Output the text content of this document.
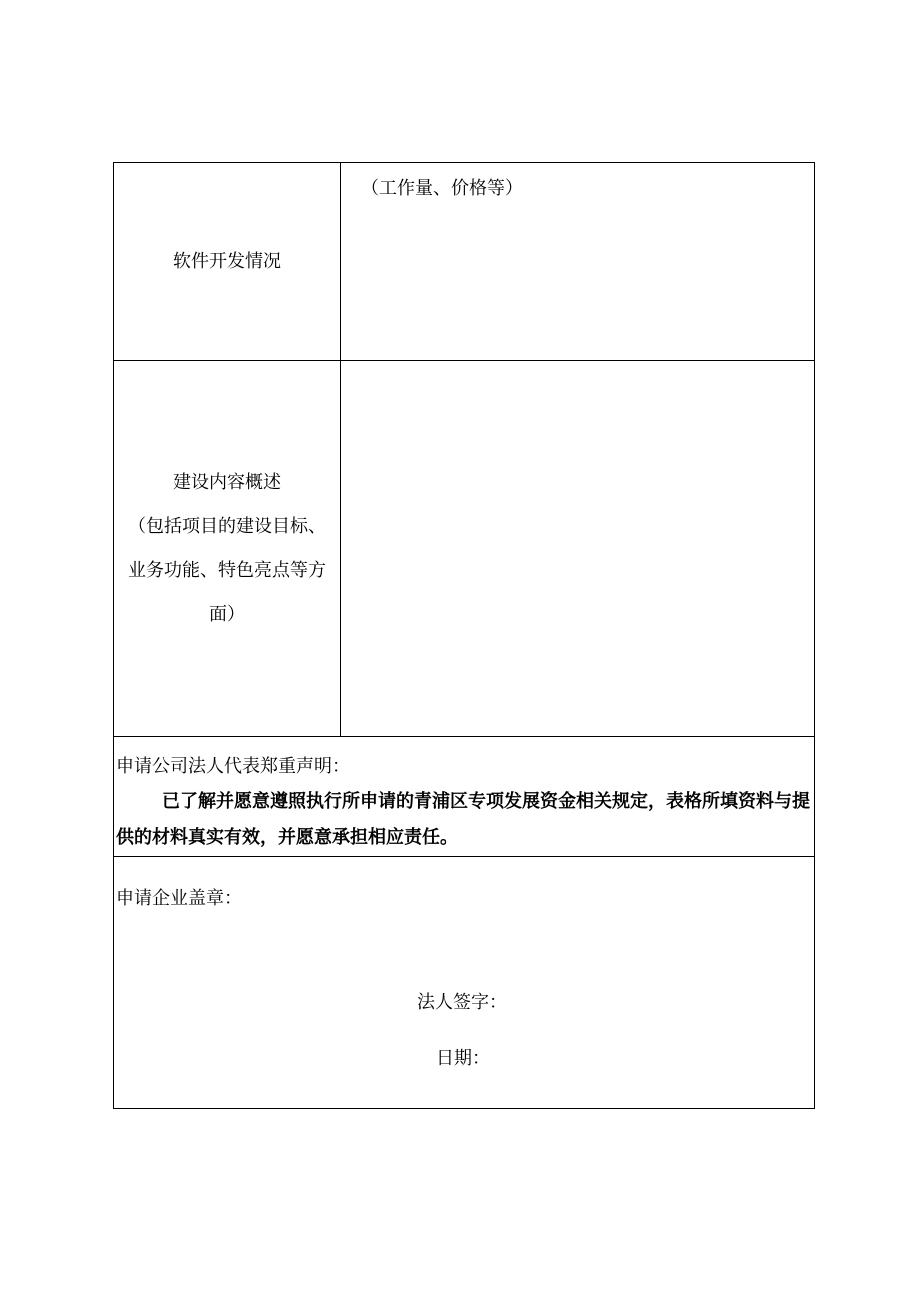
软件开发情况
（工作量、价格等）
建设内容概述
（包括项目的建设目标、
业务功能、特色亮点等方
面）
申请公司法人代表郑重声明：
已了解并愿意遵照执行所申请的青浦区专项发展资金相关规定，表格所填资料与提供的材料真实有效，并愿意承担相应责任。
申请企业盖章：
法人签字：
日期：
